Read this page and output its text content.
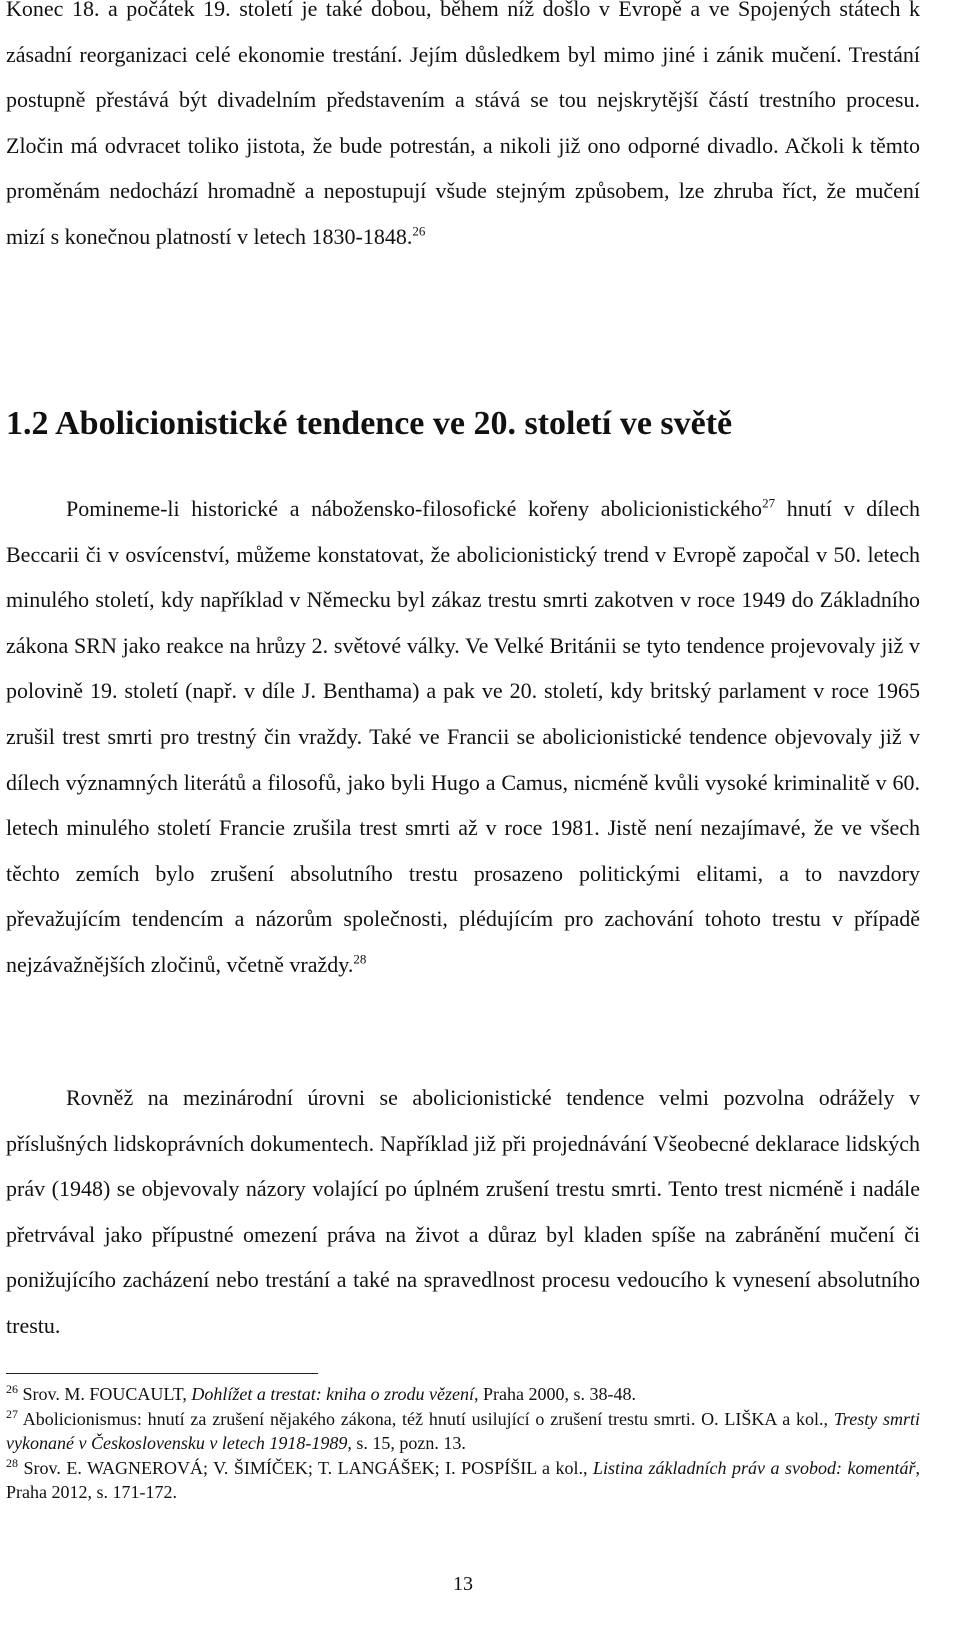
Konec 18. a počátek 19. století je také dobou, během níž došlo v Evropě a ve Spojených státech k zásadní reorganizaci celé ekonomie trestání. Jejím důsledkem byl mimo jiné i zánik mučení. Trestání postupně přestává být divadelním představením a stává se tou nejskrytější částí trestního procesu. Zločin má odvracet toliko jistota, že bude potrestán, a nikoli již ono odporné divadlo. Ačkoli k těmto proměnám nedochází hromadně a nepostupují všude stejným způsobem, lze zhruba říct, že mučení mizí s konečnou platností v letech 1830-1848.26

1.2 Abolicionistické tendence ve 20. století ve světě

Pomineme-li historické a nábožensko-filosofické kořeny abolicionistického$^{27}$ hnutí v dílech Beccarii či v osvícenství, můžeme konstatovat, že abolicionistický trend v Evropě započal v 50. letech minulého století, kdy například v Německu byl zákaz trestu smrti zakotven v roce 1949 do Základního zákona SRN jako reakce na hrůzy 2. světové války. Ve Velké Británii se tyto tendence projevovaly již v polovině 19. století (např. v díle J. Benthama) a pak ve 20. století, kdy britský parlament v roce 1965 zrušil trest smrti pro trestný čin vraždy. Také ve Francii se abolicionistické tendence objevovaly již v dílech významných literátů a filosofů, jako byli Hugo a Camus, nicméně kvůli vysoké kriminalitě v 60. letech minulého století Francie zrušila trest smrti až v roce 1981. Jistě není nezajímavé, že ve všech těchto zemích bylo zrušení absolutního trestu prosazeno politickými elitami, a to navzdory převažujícím tendencím a názorům společnosti, plédujícím pro zachování tohoto trestu v případě nejzávažnějších zločinů, včetně vraždy.$^{28}$

Rovněž na mezinárodní úrovni se abolicionistické tendence velmi pozvolna odrážely v příslušných lidskoprávních dokumentech. Například již při projednávání Všeobecné deklarace lidských práv (1948) se objevovaly názory volající po úplném zrušení trestu smrti. Tento trest nicméně i nadále přetrvával jako přípustné omezení práva na život a důraz byl kladen spíše na zabránění mučení či ponižujícího zacházení nebo trestání a také na spravedlnost procesu vedoucího k vynesení absolutního trestu.

$^{26}$ Srov. M. FOUCAULT, Dohlížet a trestat: kniha o zrodu vězení, Praha 2000, s. 38-48.

$^{27}$ Abolicionismus: hnutí za zrušení nějakého zákona, též hnutí usilující o zrušení trestu smrti. O. LIŠKA a kol., Tresty smrti vykonané v Československu v letech 1918-1989, s. 15, pozn. 13.

$^{28}$ Srov. E. WAGNEROVÁ; V. ŠIMÍČEK; T. LANGÁŠEK; I. POSPÍŠIL a kol., Listina základních práv a svobod: komentář, Praha 2012, s. 171-172.

13
